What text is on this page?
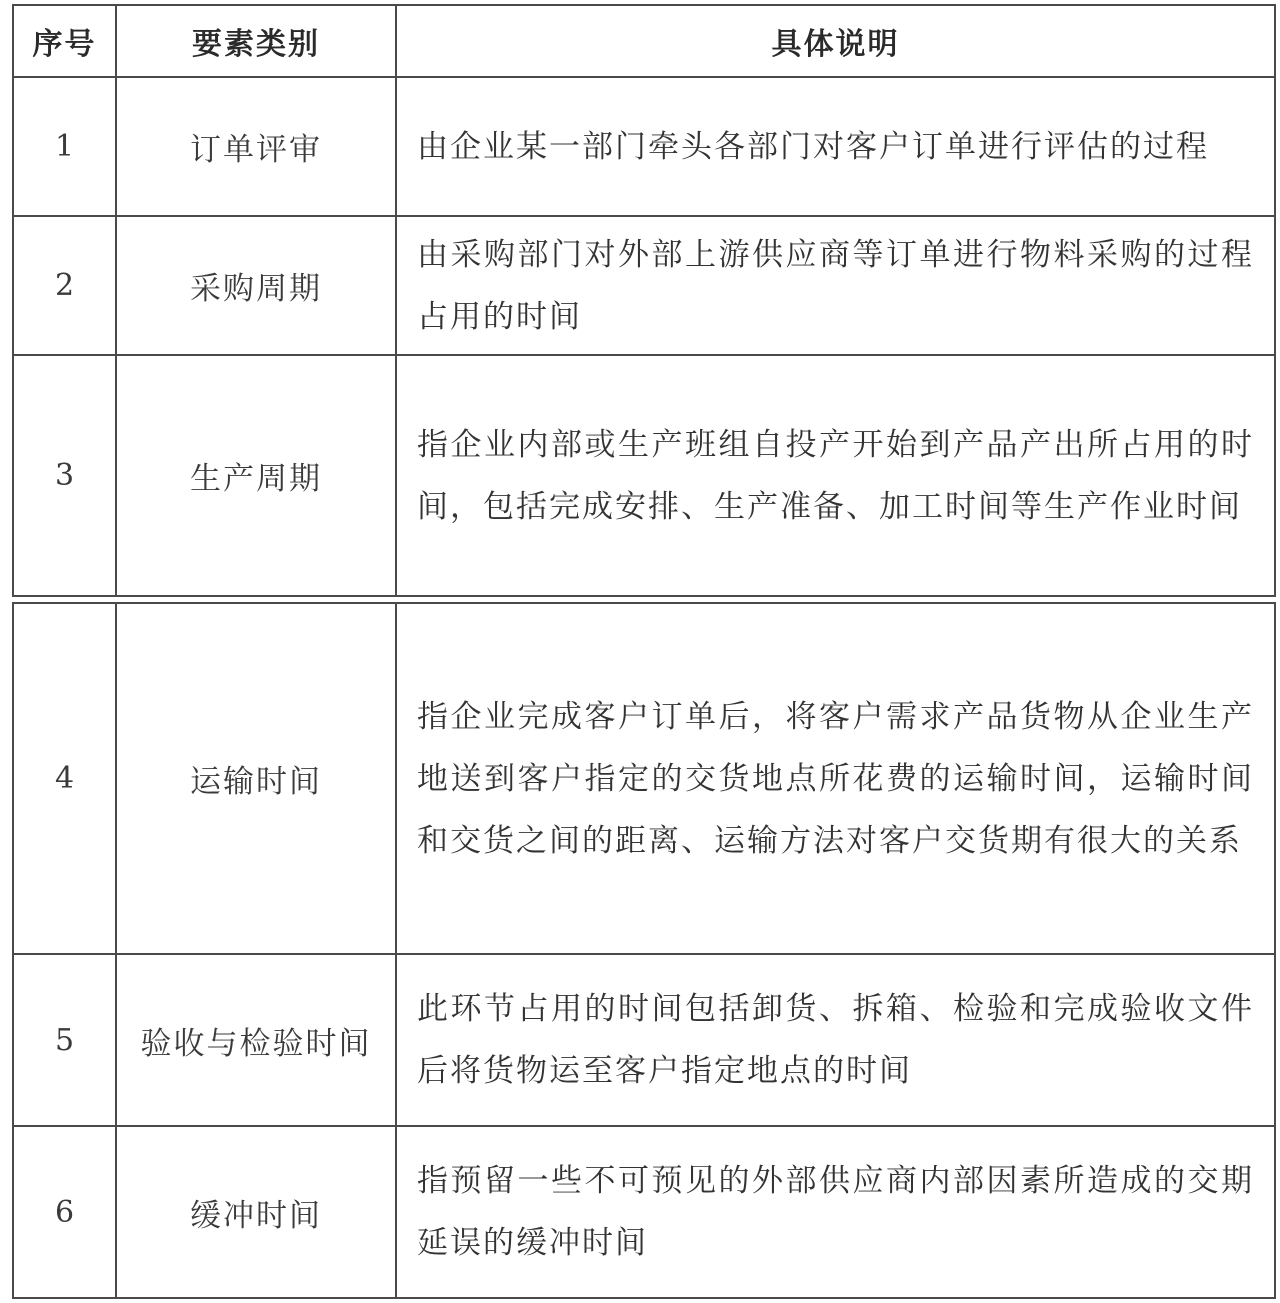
序号	要素类别	具体说明
1	订单评审	由企业某一部门牵头各部门对客户订单进行评估的过程
2	采购周期	由采购部门对外部上游供应商等订单进行物料采购的过程占用的时间
3	生产周期	指企业内部或生产班组自投产开始到产品产出所占用的时间，包括完成安排、生产准备、加工时间等生产作业时间
4	运输时间	指企业完成客户订单后，将客户需求产品货物从企业生产地送到客户指定的交货地点所花费的运输时间，运输时间和交货之间的距离、运输方法对客户交货期有很大的关系
5	验收与检验时间	此环节占用的时间包括卸货、拆箱、检验和完成验收文件后将货物运至客户指定地点的时间
6	缓冲时间	指预留一些不可预见的外部供应商内部因素所造成的交期延误的缓冲时间
